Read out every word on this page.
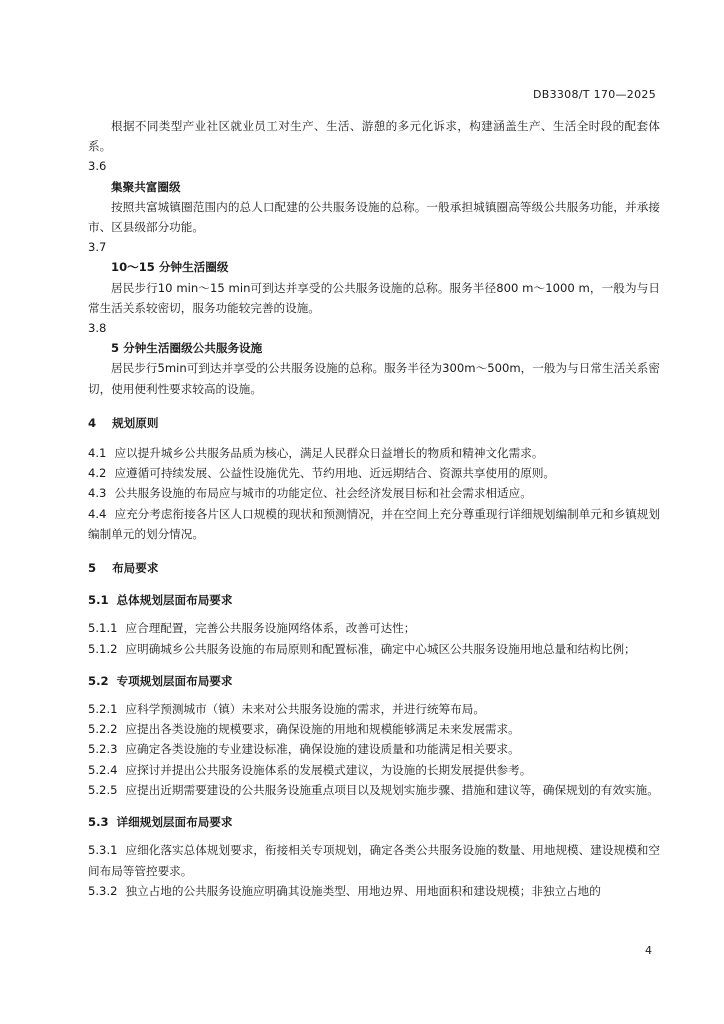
DB3308/T 170—2025
根据不同类型产业社区就业员工对生产、生活、游憩的多元化诉求，构建涵盖生产、生活全时段的配套体系。
3.6
集聚共富圈级
按照共富城镇圈范围内的总人口配建的公共服务设施的总称。一般承担城镇圈高等级公共服务功能，并承接市、区县级部分功能。
3.7
10～15 分钟生活圈级
居民步行10 min～15 min可到达并享受的公共服务设施的总称。服务半径800 m～1000 m，一般为与日常生活关系较密切，服务功能较完善的设施。
3.8
5 分钟生活圈级公共服务设施
居民步行5min可到达并享受的公共服务设施的总称。服务半径为300m～500m，一般为与日常生活关系密切，使用便利性要求较高的设施。
4 规划原则
4.1 应以提升城乡公共服务品质为核心，满足人民群众日益增长的物质和精神文化需求。
4.2 应遵循可持续发展、公益性设施优先、节约用地、近远期结合、资源共享使用的原则。
4.3 公共服务设施的布局应与城市的功能定位、社会经济发展目标和社会需求相适应。
4.4 应充分考虑衔接各片区人口规模的现状和预测情况，并在空间上充分尊重现行详细规划编制单元和乡镇规划编制单元的划分情况。
5 布局要求
5.1 总体规划层面布局要求
5.1.1 应合理配置，完善公共服务设施网络体系，改善可达性；
5.1.2 应明确城乡公共服务设施的布局原则和配置标准，确定中心城区公共服务设施用地总量和结构比例；
5.2 专项规划层面布局要求
5.2.1 应科学预测城市（镇）未来对公共服务设施的需求，并进行统筹布局。
5.2.2 应提出各类设施的规模要求，确保设施的用地和规模能够满足未来发展需求。
5.2.3 应确定各类设施的专业建设标准，确保设施的建设质量和功能满足相关要求。
5.2.4 应探讨并提出公共服务设施体系的发展模式建议，为设施的长期发展提供参考。
5.2.5 应提出近期需要建设的公共服务设施重点项目以及规划实施步骤、措施和建议等，确保规划的有效实施。
5.3 详细规划层面布局要求
5.3.1 应细化落实总体规划要求，衔接相关专项规划，确定各类公共服务设施的数量、用地规模、建设规模和空间布局等管控要求。
5.3.2 独立占地的公共服务设施应明确其设施类型、用地边界、用地面积和建设规模；非独立占地的
4
